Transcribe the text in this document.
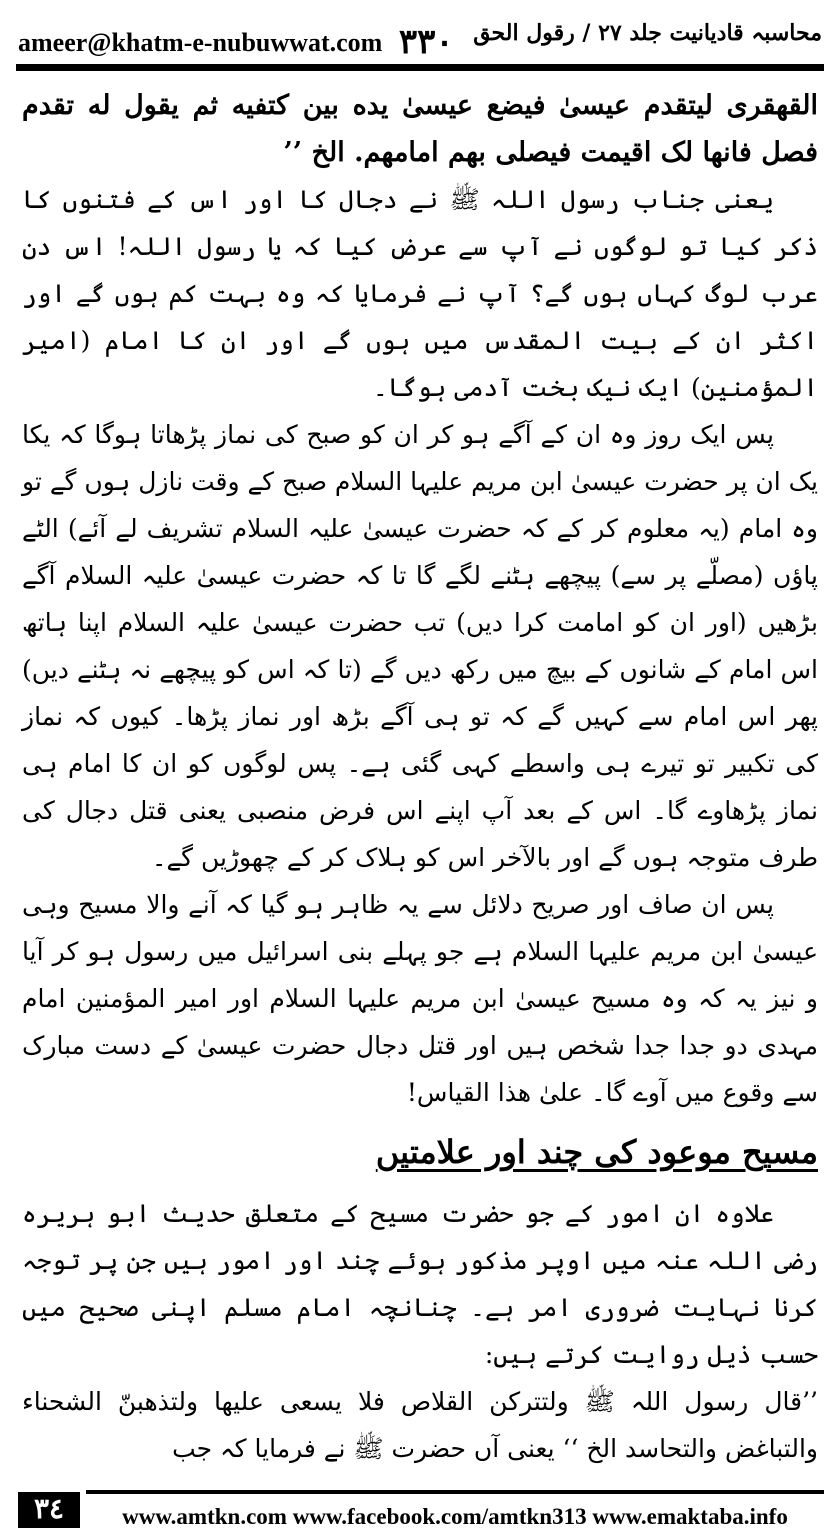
ameer@khatm-e-nubuwwat.com ٣٣٠ محاسبہ قادیانیت جلد ۲۷ / رقول الحق

القهقرى ليتقدم عيسیٰ فيضع عيسیٰ يده بين كتفيه ثم يقول له تقدم فصل فانها لک اقيمت فيصلی بهم امامهم. الخ ’’

یعنی جناب رسول اللہ ﷺ نے دجال کا اور اس کے فتنوں کا ذکر کیا تو لوگوں نے آپ سے عرض کیا کہ یا رسول اللہ! اس دن عرب لوگ کہاں ہوں گے؟ آپ نے فرمایا کہ وہ بہت کم ہوں گے اور اکثر ان کے بیت المقدس میں ہوں گے اور ان کا امام (امیر المؤمنین) ایک نیک بخت آدمی ہوگا۔

پس ایک روز وہ ان کے آگے ہو کر ان کو صبح کی نماز پڑھاتا ہوگا کہ یکا یک ان پر حضرت عیسیٰ ابن مریم علیہا السلام صبح کے وقت نازل ہوں گے تو وہ امام (یہ معلوم کر کے کہ حضرت عیسیٰ علیہ السلام تشریف لے آئے) الٹے پاؤں (مصلّے پر سے) پیچھے ہٹنے لگے گا تا کہ حضرت عیسیٰ علیہ السلام آگے بڑھیں (اور ان کو امامت کرا دیں) تب حضرت عیسیٰ علیہ السلام اپنا ہاتھ اس امام کے شانوں کے بیچ میں رکھ دیں گے (تا کہ اس کو پیچھے نہ ہٹنے دیں) پھر اس امام سے کہیں گے کہ تو ہی آگے بڑھ اور نماز پڑھا۔ کیوں کہ نماز کی تکبیر تو تیرے ہی واسطے کہی گئی ہے۔ پس لوگوں کو ان کا امام ہی نماز پڑھاوے گا۔ اس کے بعد آپ اپنے اس فرض منصبی یعنی قتل دجال کی طرف متوجہ ہوں گے اور بالآخر اس کو ہلاک کر کے چھوڑیں گے۔

پس ان صاف اور صریح دلائل سے یہ ظاہر ہو گیا کہ آنے والا مسیح وہی عیسیٰ ابن مریم علیہا السلام ہے جو پہلے بنی اسرائیل میں رسول ہو کر آیا و نیز یہ کہ وہ مسیح عیسیٰ ابن مریم علیہا السلام اور امیر المؤمنین امام مہدی دو جدا جدا شخص ہیں اور قتل دجال حضرت عیسیٰ کے دست مبارک سے وقوع میں آوے گا۔ علیٰ هذا القیاس!

مسیح موعود کی چند اور علامتیں

علاوہ ان امور کے جو حضرت مسیح کے متعلق حدیث ابو ہریرہ رضی اللہ عنہ میں اوپر مذکور ہوئے چند اور امور ہیں جن پر توجہ کرنا نہایت ضروری امر ہے۔ چنانچہ امام مسلم اپنی صحیح میں حسب ذیل روایت کرتے ہیں:

’’قال رسول اللہ ﷺ ولتتركن القلاص فلا يسعى عليها ولتذهبنّ الشحناء والتباغض والتحاسد الخ ‘‘ یعنی آں حضرت ﷺ نے فرمایا کہ جب

٣٤	www.amtkn.com www.facebook.com/amtkn313 www.emaktaba.info
